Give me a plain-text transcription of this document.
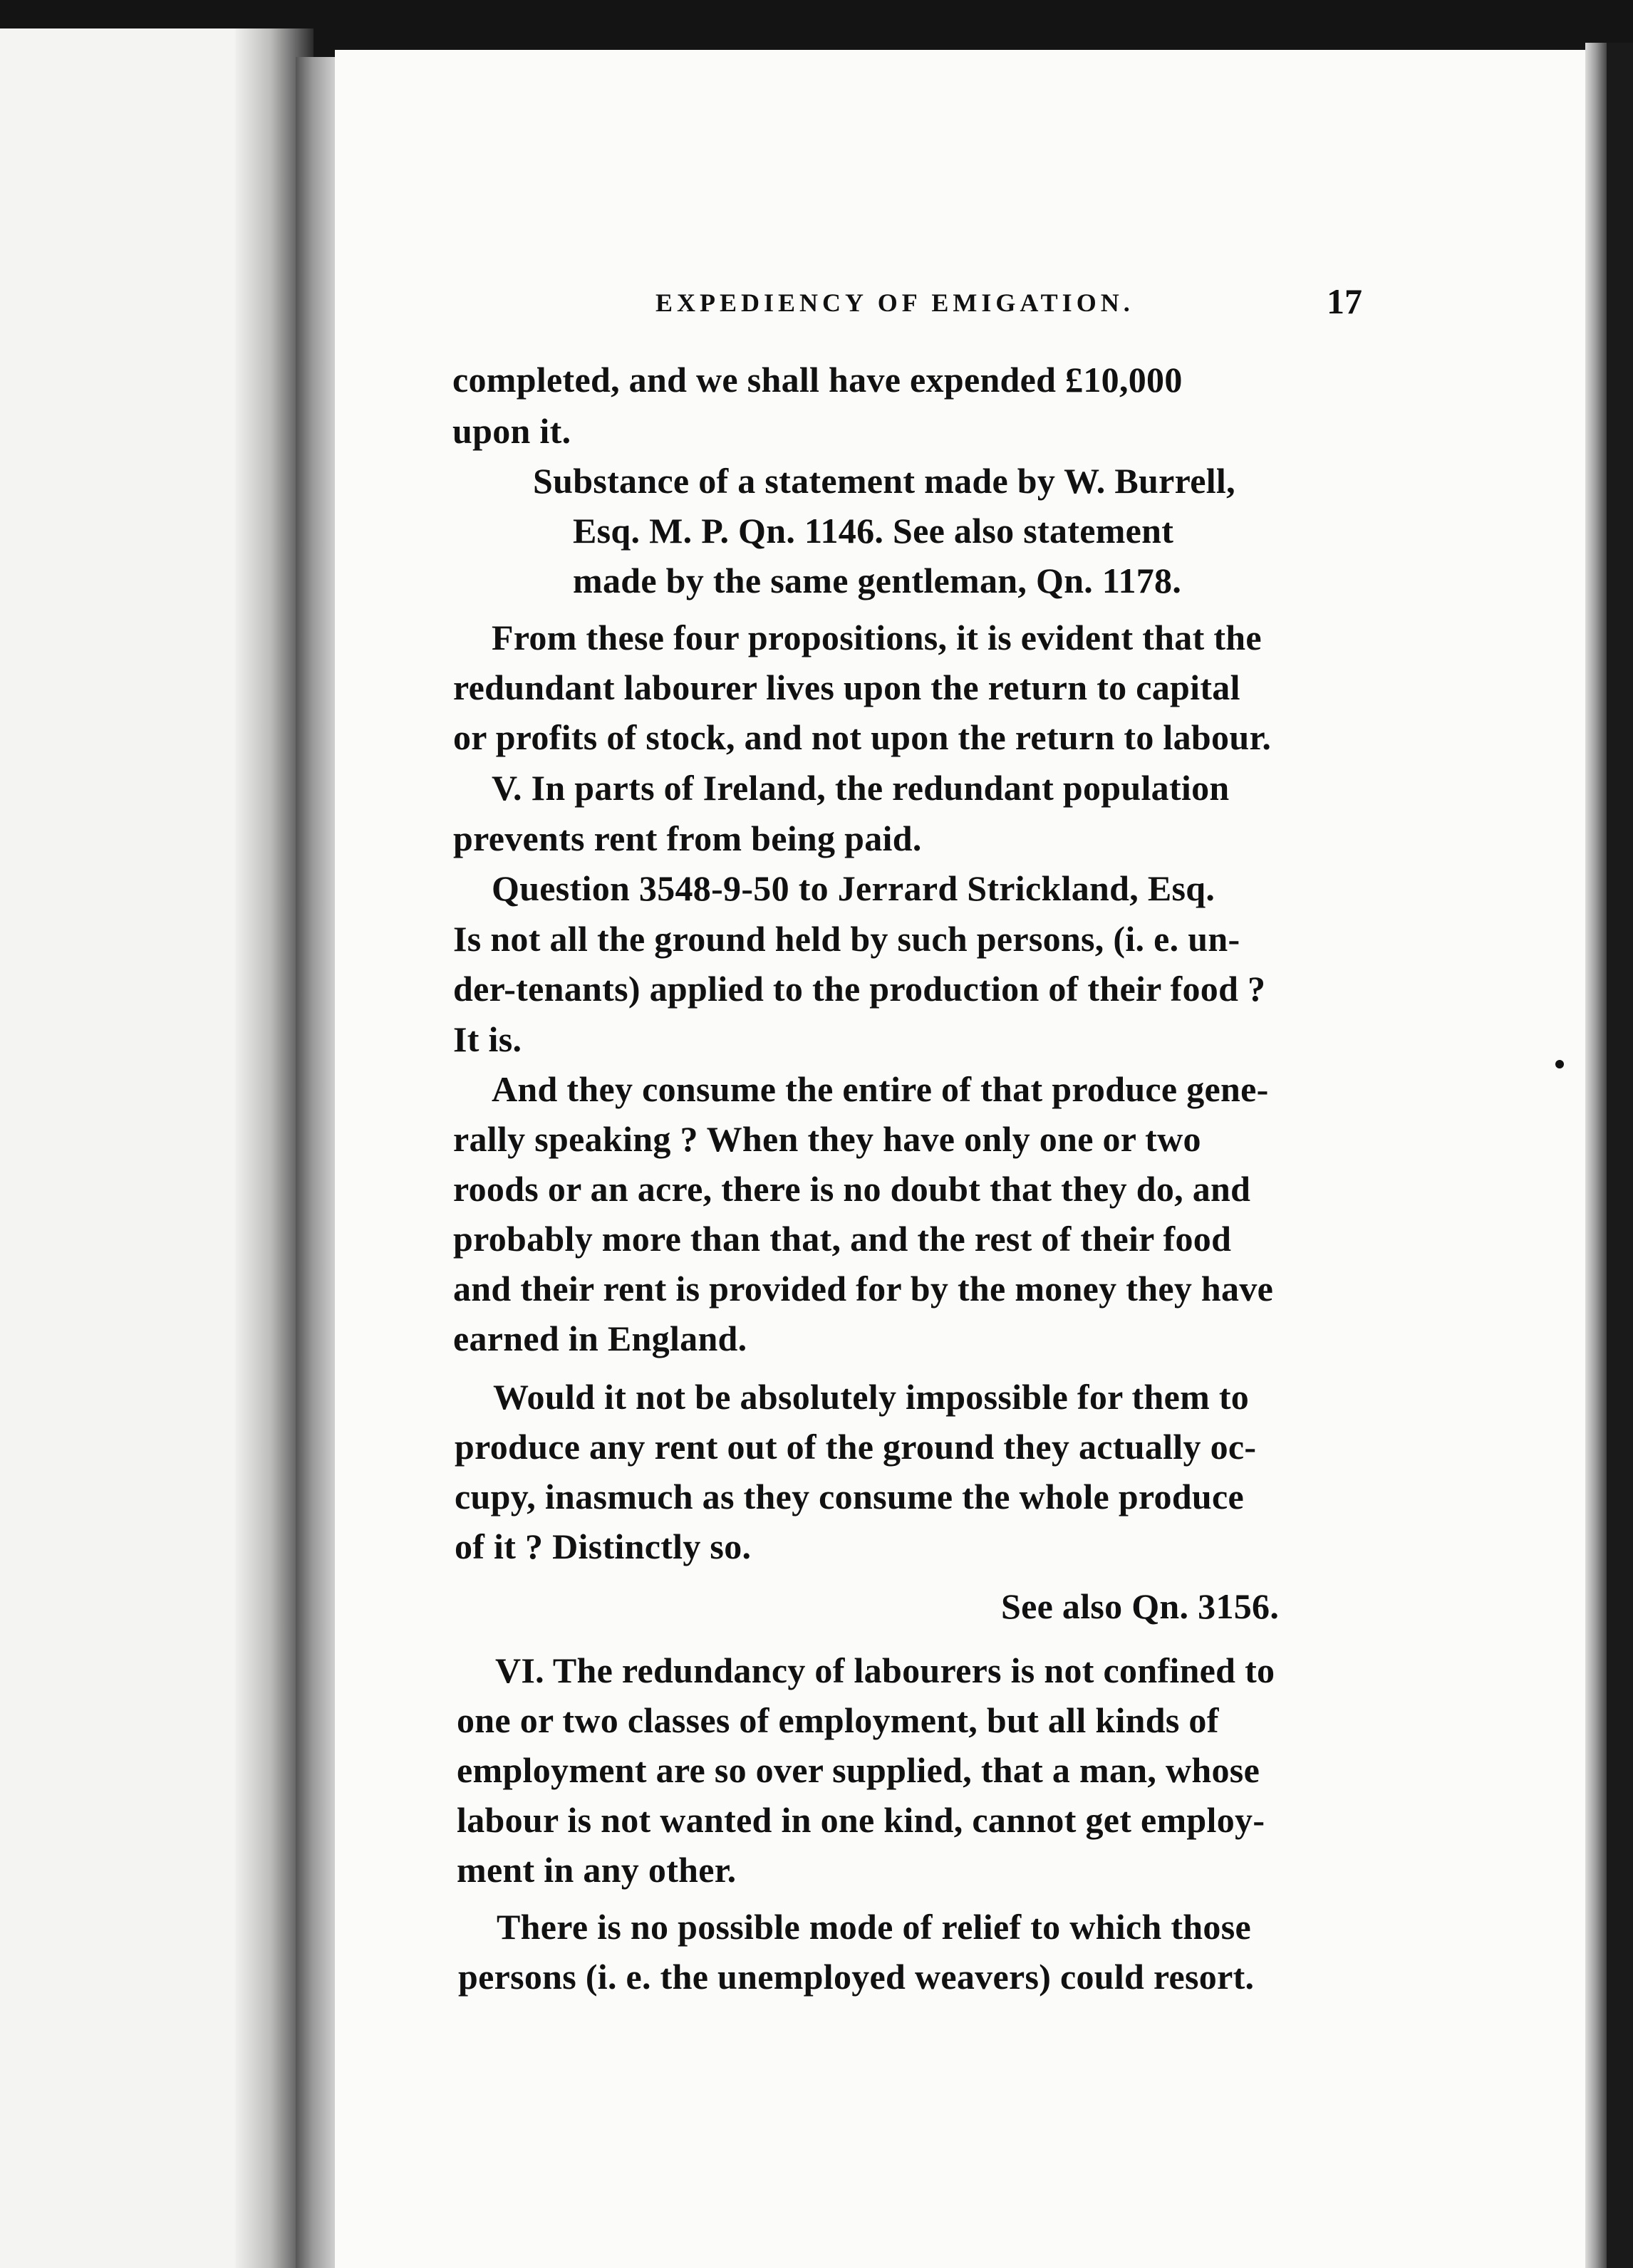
EXPEDIENCY OF EMIGATION.	17
completed, and we shall have expended £10,000
upon it.
Substance of a statement made by W. Burrell,
Esq. M. P. Qn. 1146. See also statement
made by the same gentleman, Qn. 1178.
From these four propositions, it is evident that the
redundant labourer lives upon the return to capital
or profits of stock, and not upon the return to labour.
V. In parts of Ireland, the redundant population
prevents rent from being paid.
Question 3548-9-50 to Jerrard Strickland, Esq.
Is not all the ground held by such persons, (i. e. un-
der-tenants) applied to the production of their food ?
It is.
And they consume the entire of that produce gene-
rally speaking ? When they have only one or two
roods or an acre, there is no doubt that they do, and
probably more than that, and the rest of their food
and their rent is provided for by the money they have
earned in England.
Would it not be absolutely impossible for them to
produce any rent out of the ground they actually oc-
cupy, inasmuch as they consume the whole produce
of it ? Distinctly so.
See also Qn. 3156.
VI. The redundancy of labourers is not confined to
one or two classes of employment, but all kinds of
employment are so over supplied, that a man, whose
labour is not wanted in one kind, cannot get employ-
ment in any other.
There is no possible mode of relief to which those
persons (i. e. the unemployed weavers) could resort.
